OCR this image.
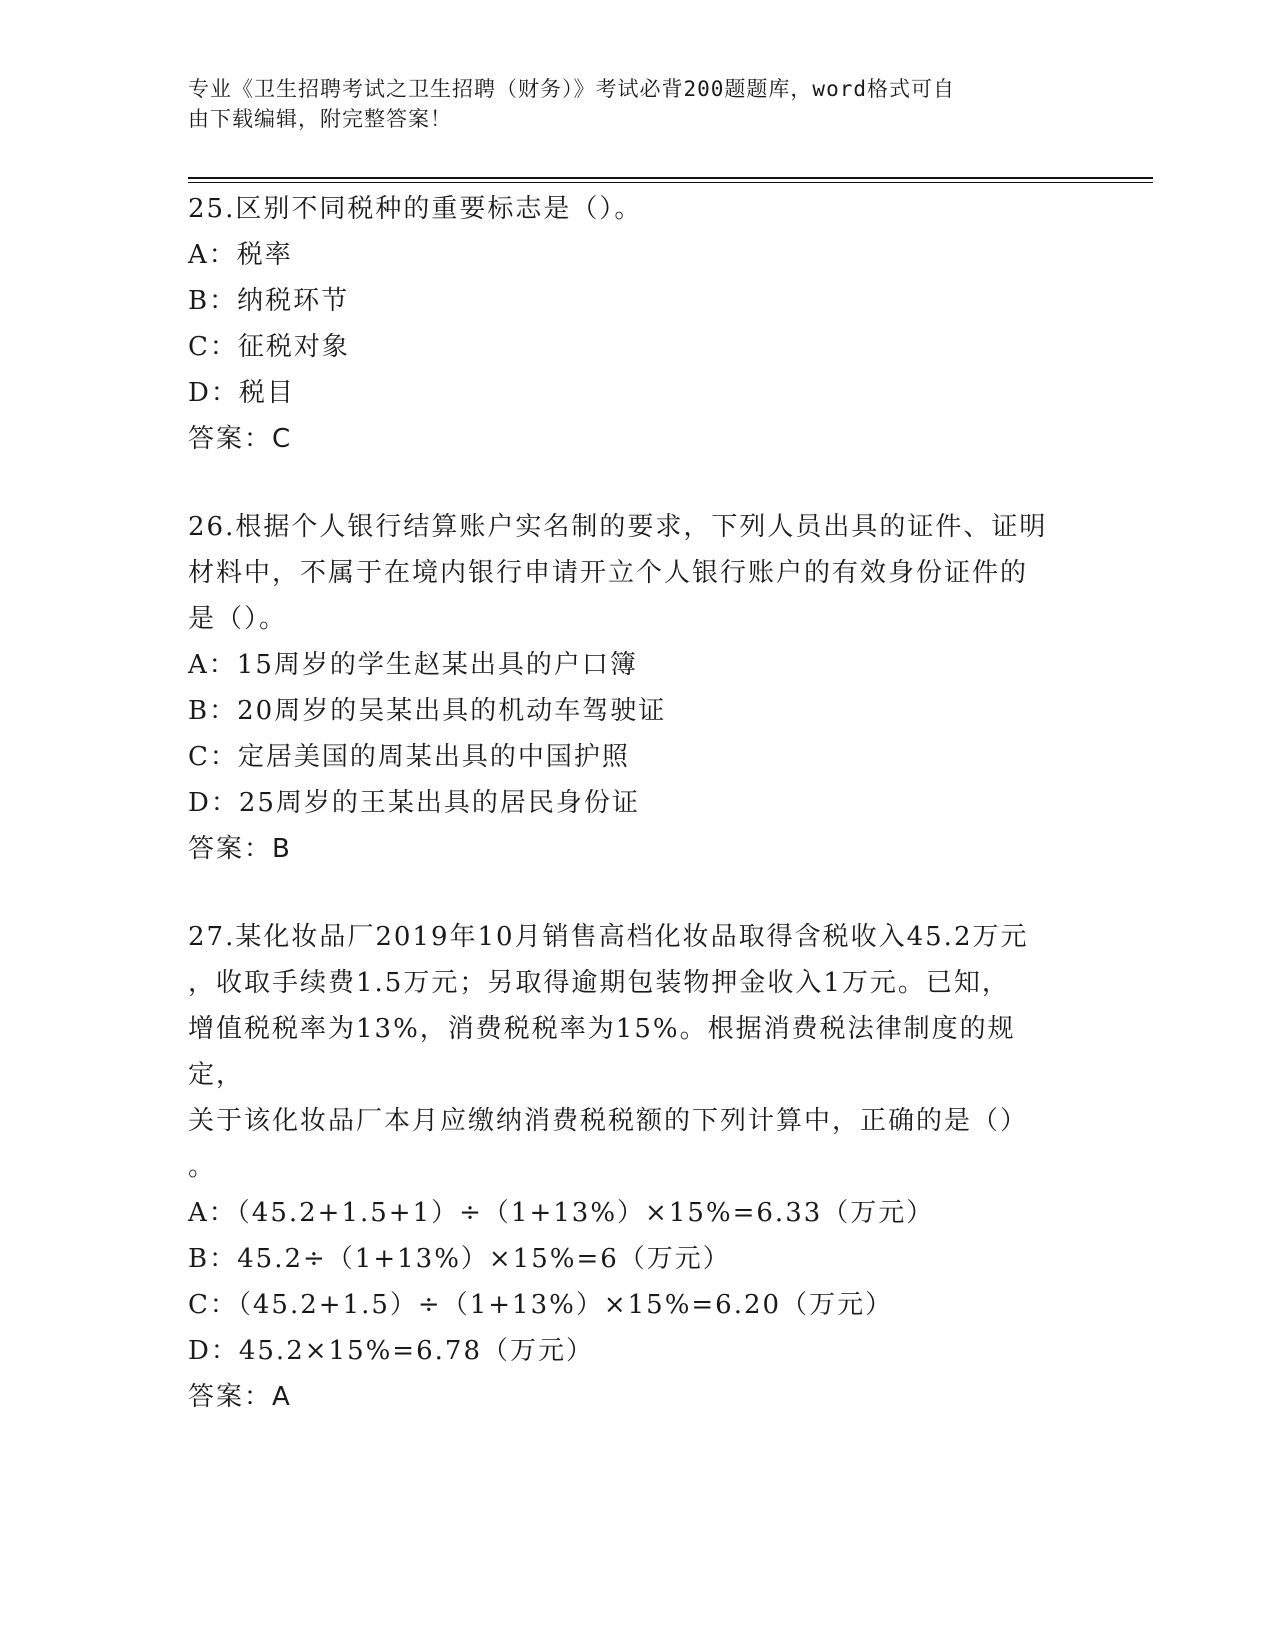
专业《卫生招聘考试之卫生招聘（财务）》考试必背200题题库，word格式可自
由下载编辑，附完整答案！
25.区别不同税种的重要标志是（）。
A：税率
B：纳税环节
C：征税对象
D：税目
答案：C
26.根据个人银行结算账户实名制的要求，下列人员出具的证件、证明
材料中，不属于在境内银行申请开立个人银行账户的有效身份证件的
是（）。
A：15周岁的学生赵某出具的户口簿
B：20周岁的吴某出具的机动车驾驶证
C：定居美国的周某出具的中国护照
D：25周岁的王某出具的居民身份证
答案：B
27.某化妆品厂2019年10月销售高档化妆品取得含税收入45.2万元
，收取手续费1.5万元；另取得逾期包装物押金收入1万元。已知，
增值税税率为13%，消费税税率为15%。根据消费税法律制度的规定，
关于该化妆品厂本月应缴纳消费税税额的下列计算中，正确的是（）
。
A：（45.2+1.5+1）÷（1+13%）×15%=6.33（万元）
B：45.2÷（1+13%）×15%=6（万元）
C：（45.2+1.5）÷（1+13%）×15%=6.20（万元）
D：45.2×15%=6.78（万元）
答案：A
